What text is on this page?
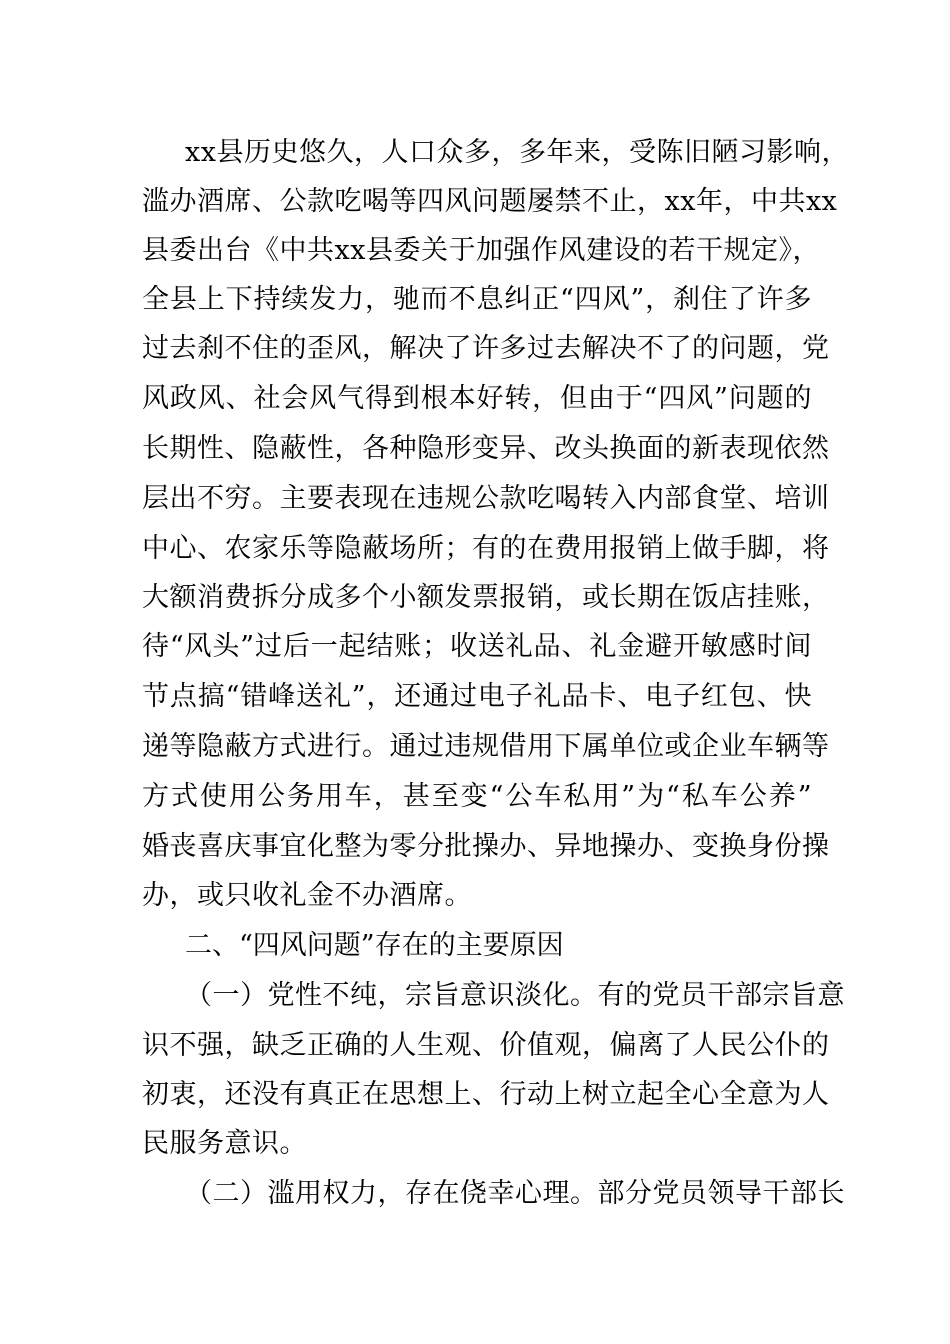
xx县历史悠久，人口众多，多年来，受陈旧陋习影响，
滥办酒席、公款吃喝等四风问题屡禁不止，xx年，中共xx
县委出台《中共xx县委关于加强作风建设的若干规定》，
全县上下持续发力，驰而不息纠正“四风”，刹住了许多
过去刹不住的歪风，解决了许多过去解决不了的问题，党
风政风、社会风气得到根本好转，但由于“四风”问题的
长期性、隐蔽性，各种隐形变异、改头换面的新表现依然
层出不穷。主要表现在违规公款吃喝转入内部食堂、培训
中心、农家乐等隐蔽场所；有的在费用报销上做手脚，将
大额消费拆分成多个小额发票报销，或长期在饭店挂账，
待“风头”过后一起结账；收送礼品、礼金避开敏感时间
节点搞“错峰送礼”，还通过电子礼品卡、电子红包、快
递等隐蔽方式进行。通过违规借用下属单位或企业车辆等
方式使用公务用车，甚至变“公车私用”为“私车公养”
婚丧喜庆事宜化整为零分批操办、异地操办、变换身份操
办，或只收礼金不办酒席。
二、“四风问题”存在的主要原因
（一）党性不纯，宗旨意识淡化。有的党员干部宗旨意
识不强，缺乏正确的人生观、价值观，偏离了人民公仆的
初衷，还没有真正在思想上、行动上树立起全心全意为人
民服务意识。
（二）滥用权力，存在侥幸心理。部分党员领导干部长
